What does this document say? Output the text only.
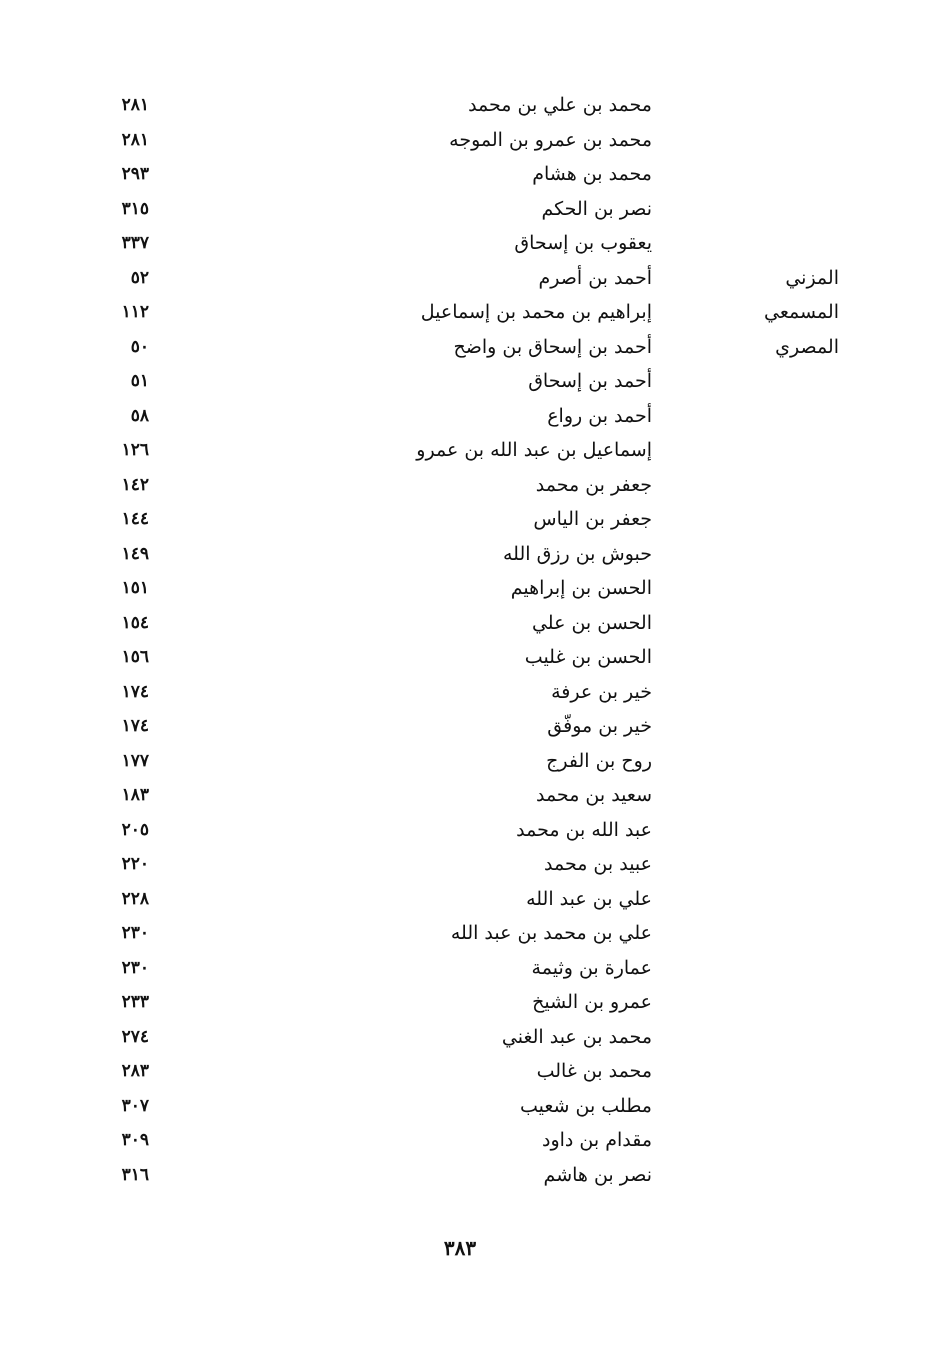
محمد بن علي بن محمد
٢٨١
محمد بن عمرو بن الموجه
٢٨١
محمد بن هشام
٢٩٣
نصر بن الحكم
٣١٥
يعقوب بن إسحاق
٣٣٧
المزني
أحمد بن أصرم
٥٢
المسمعي
إبراهيم بن محمد بن إسماعيل
١١٢
المصري
أحمد بن إسحاق بن واضح
٥٠
أحمد بن إسحاق
٥١
أحمد بن رواع
٥٨
إسماعيل بن عبد الله بن عمرو
١٢٦
جعفر بن محمد
١٤٢
جعفر بن الياس
١٤٤
حبوش بن رزق الله
١٤٩
الحسن بن إبراهيم
١٥١
الحسن بن علي
١٥٤
الحسن بن غليب
١٥٦
خير بن عرفة
١٧٤
خير بن موفّق
١٧٤
روح بن الفرج
١٧٧
سعيد بن محمد
١٨٣
عبد الله بن محمد
٢٠٥
عبيد بن محمد
٢٢٠
علي بن عبد الله
٢٢٨
علي بن محمد بن عبد الله
٢٣٠
عمارة بن وثيمة
٢٣٠
عمرو بن الشيخ
٢٣٣
محمد بن عبد الغني
٢٧٤
محمد بن غالب
٢٨٣
مطلب بن شعيب
٣٠٧
مقدام بن داود
٣٠٩
نصر بن هاشم
٣١٦
٣٨٣
